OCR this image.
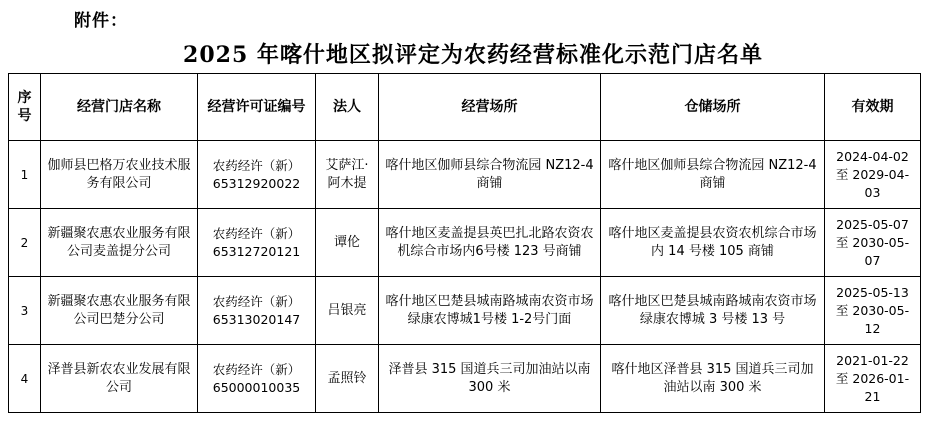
附件：
2025 年喀什地区拟评定为农药经营标准化示范门店名单
序号	经营门店名称	经营许可证编号	法人	经营场所	仓储场所	有效期
1	伽师县巴格万农业技术服务有限公司	农药经许（新）65312920022	艾萨江·阿木提	喀什地区伽师县综合物流园 NZ12-4 商铺	喀什地区伽师县综合物流园 NZ12-4 商铺	2024-04-02 至 2029-04-03
2	新疆聚农惠农业服务有限公司麦盖提分公司	农药经许（新）65312720121	谭伦	喀什地区麦盖提县英巴扎北路农资农机综合市场内6号楼 123 号商铺	喀什地区麦盖提县农资农机综合市场内 14 号楼 105 商铺	2025-05-07 至 2030-05-07
3	新疆聚农惠农业服务有限公司巴楚分公司	农药经许（新）65313020147	吕银亮	喀什地区巴楚县城南路城南农资市场绿康农博城1号楼 1-2号门面	喀什地区巴楚县城南路城南农资市场绿康农博城 3 号楼 13 号	2025-05-13 至 2030-05-12
4	泽普县新农农业发展有限公司	农药经许（新）65000010035	孟照铃	泽普县 315 国道兵三司加油站以南 300 米	喀什地区泽普县 315 国道兵三司加油站以南 300 米	2021-01-22 至 2026-01-21
